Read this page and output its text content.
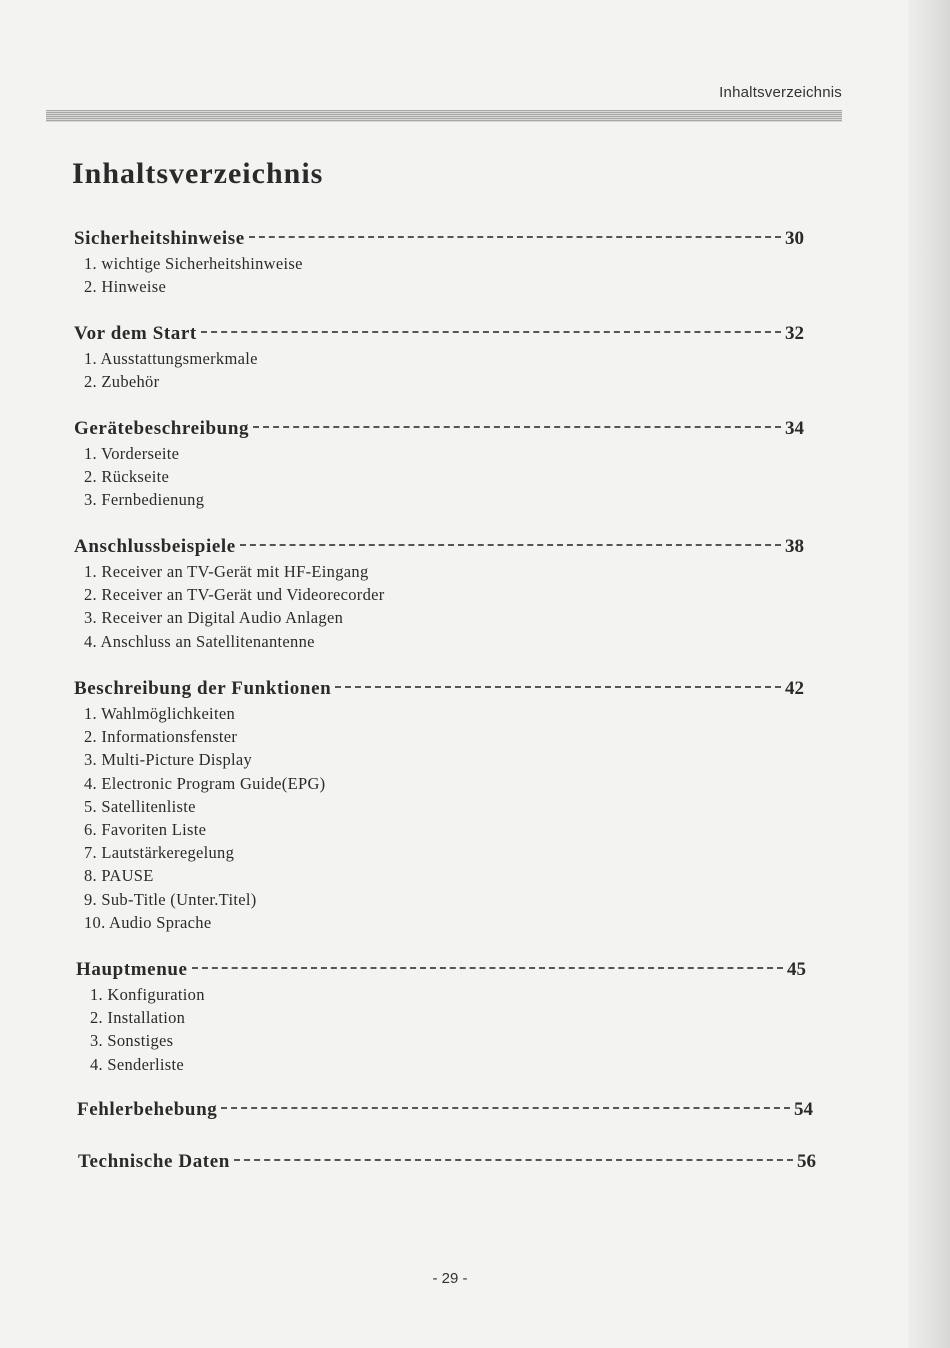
Inhaltsverzeichnis
Inhaltsverzeichnis
Sicherheitshinweise	30
1. wichtige Sicherheitshinweise
2. Hinweise
Vor dem Start	32
1. Ausstattungsmerkmale
2. Zubehör
Gerätebeschreibung	34
1. Vorderseite
2. Rückseite
3. Fernbedienung
Anschlussbeispiele	38
1. Receiver an TV-Gerät mit HF-Eingang
2. Receiver an TV-Gerät und Videorecorder
3. Receiver an Digital Audio Anlagen
4. Anschluss an Satellitenantenne
Beschreibung der Funktionen	42
1. Wahlmöglichkeiten
2. Informationsfenster
3. Multi-Picture Display
4. Electronic Program Guide(EPG)
5. Satellitenliste
6. Favoriten Liste
7. Lautstärkeregelung
8. PAUSE
9. Sub-Title (Unter.Titel)
10. Audio Sprache
Hauptmenue	45
1. Konfiguration
2. Installation
3. Sonstiges
4. Senderliste
Fehlerbehebung	54
Technische Daten	56
- 29 -
